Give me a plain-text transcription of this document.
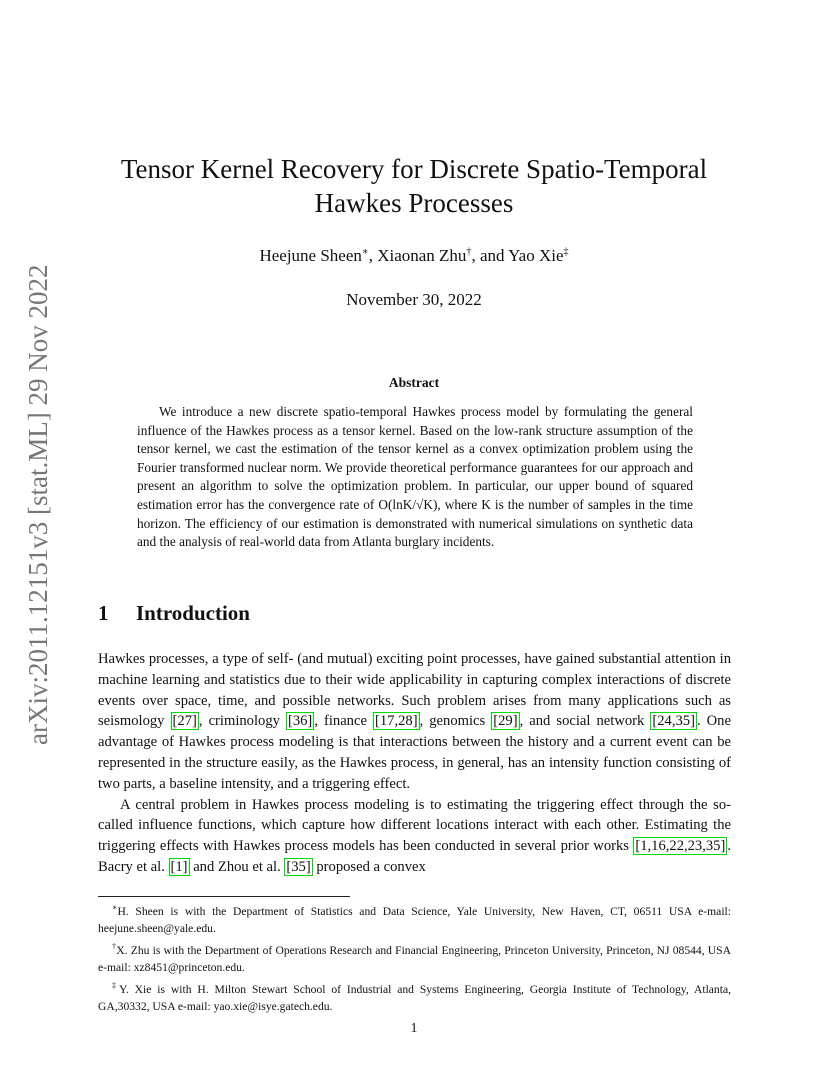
arXiv:2011.12151v3 [stat.ML] 29 Nov 2022
Tensor Kernel Recovery for Discrete Spatio-Temporal
Hawkes Processes
Heejune Sheen∗, Xiaonan Zhu†, and Yao Xie‡
November 30, 2022
Abstract

We introduce a new discrete spatio-temporal Hawkes process model by formulating the general influence of the Hawkes process as a tensor kernel. Based on the low-rank structure assumption of the tensor kernel, we cast the estimation of the tensor kernel as a convex optimization problem using the Fourier transformed nuclear norm. We provide theoretical performance guarantees for our approach and present an algorithm to solve the optimization problem. In particular, our upper bound of squared estimation error has the convergence rate of O(lnK/√K), where K is the number of samples in the time horizon. The efficiency of our estimation is demonstrated with numerical simulations on synthetic data and the analysis of real-world data from Atlanta burglary incidents.

1 Introduction

Hawkes processes, a type of self- (and mutual) exciting point processes, have gained substantial attention in machine learning and statistics due to their wide applicability in capturing complex interactions of discrete events over space, time, and possible networks. Such problem arises from many applications such as seismology [27] , criminology [36] , finance [17,28] , genomics [29] , and social network [24,35] . One advantage of Hawkes process modeling is that interactions between the history and a current event can be represented in the structure easily, as the Hawkes process, in general, has an intensity function consisting of two parts, a baseline intensity, and a triggering effect.

A central problem in Hawkes process modeling is to estimating the triggering effect through the so-called influence functions, which capture how different locations interact with each other. Estimating the triggering effects with Hawkes process models has been conducted in several prior works [1,16,22,23,35] . Bacry et al. [1] and Zhou et al. [35] proposed a convex

∗H. Sheen is with the Department of Statistics and Data Science, Yale University, New Haven, CT, 06511 USA e-mail: heejune.sheen@yale.edu.

†X. Zhu is with the Department of Operations Research and Financial Engineering, Princeton University, Princeton, NJ 08544, USA e-mail: xz8451@princeton.edu.

‡Y. Xie is with H. Milton Stewart School of Industrial and Systems Engineering, Georgia Institute of Technology, Atlanta, GA,30332, USA e-mail: yao.xie@isye.gatech.edu.

1
